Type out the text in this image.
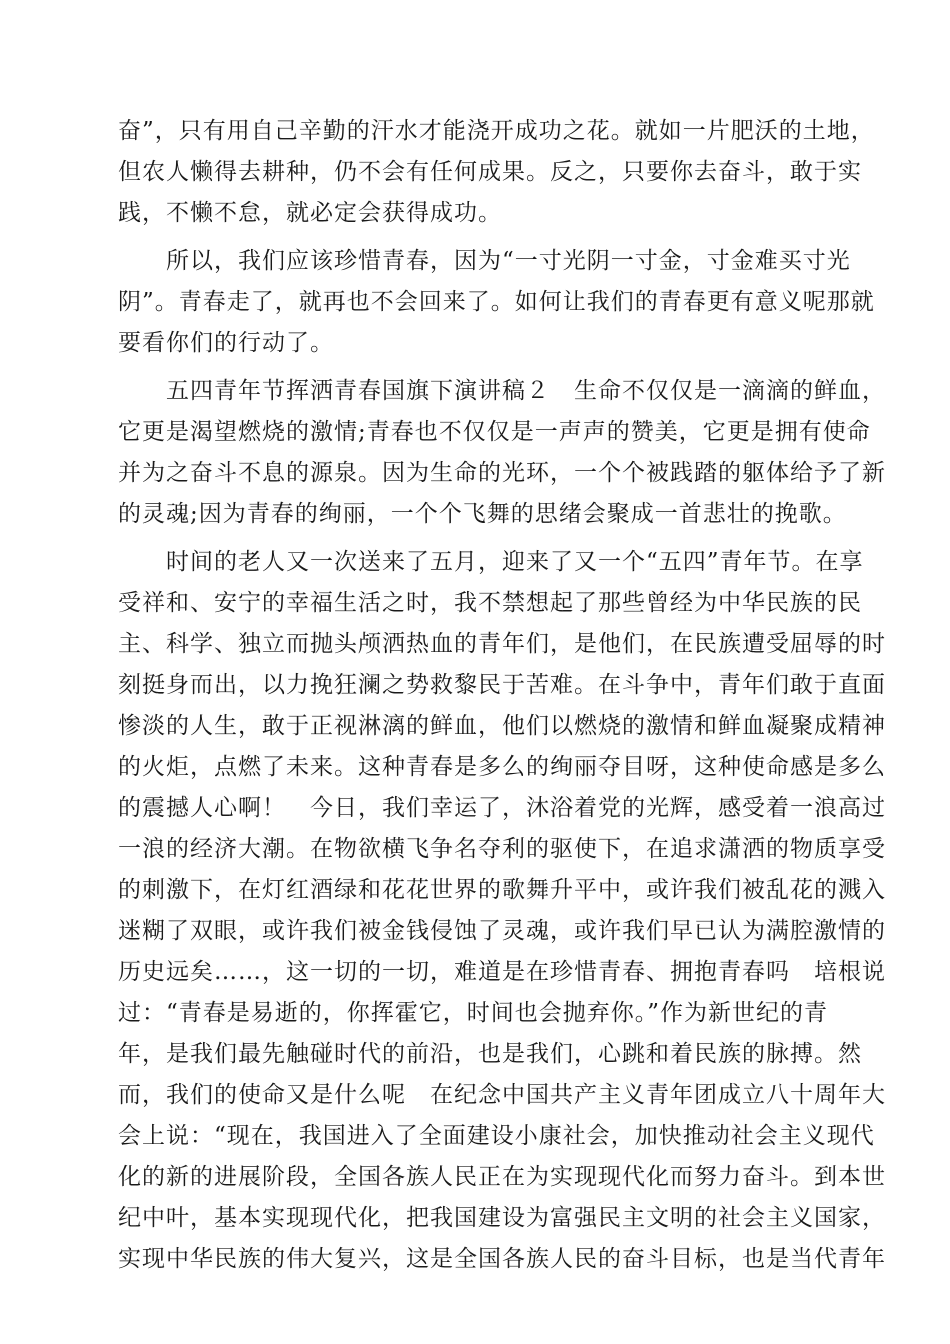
奋”，只有用自己辛勤的汗水才能浇开成功之花。就如一片肥沃的土地，
但农人懒得去耕种，仍不会有任何成果。反之，只要你去奋斗，敢于实
践，不懒不怠，就必定会获得成功。
　　所以，我们应该珍惜青春，因为“一寸光阴一寸金，寸金难买寸光
阴”。青春走了，就再也不会回来了。如何让我们的青春更有意义呢那就
要看你们的行动了。
　　五四青年节挥洒青春国旗下演讲稿２　生命不仅仅是一滴滴的鲜血，
它更是渴望燃烧的激情;青春也不仅仅是一声声的赞美，它更是拥有使命
并为之奋斗不息的源泉。因为生命的光环，一个个被践踏的躯体给予了新
的灵魂;因为青春的绚丽，一个个飞舞的思绪会聚成一首悲壮的挽歌。
　　时间的老人又一次送来了五月，迎来了又一个“五四”青年节。在享
受祥和、安宁的幸福生活之时，我不禁想起了那些曾经为中华民族的民
主、科学、独立而抛头颅洒热血的青年们，是他们，在民族遭受屈辱的时
刻挺身而出，以力挽狂澜之势救黎民于苦难。在斗争中，青年们敢于直面
惨淡的人生，敢于正视淋漓的鲜血，他们以燃烧的激情和鲜血凝聚成精神
的火炬，点燃了未来。这种青春是多么的绚丽夺目呀，这种使命感是多么
的震撼人心啊！　今日，我们幸运了，沐浴着党的光辉，感受着一浪高过
一浪的经济大潮。在物欲横飞争名夺利的驱使下，在追求潇洒的物质享受
的刺激下，在灯红酒绿和花花世界的歌舞升平中，或许我们被乱花的溅入
迷糊了双眼，或许我们被金钱侵蚀了灵魂，或许我们早已认为满腔激情的
历史远矣……，这一切的一切，难道是在珍惜青春、拥抱青春吗　培根说
过：“青春是易逝的，你挥霍它，时间也会抛弃你。”作为新世纪的青
年，是我们最先触碰时代的前沿，也是我们，心跳和着民族的脉搏。然
而，我们的使命又是什么呢　在纪念中国共产主义青年团成立八十周年大
会上说：“现在，我国进入了全面建设小康社会，加快推动社会主义现代
化的新的进展阶段，全国各族人民正在为实现现代化而努力奋斗。到本世
纪中叶，基本实现现代化，把我国建设为富强民主文明的社会主义国家，
实现中华民族的伟大复兴，这是全国各族人民的奋斗目标，也是当代青年
